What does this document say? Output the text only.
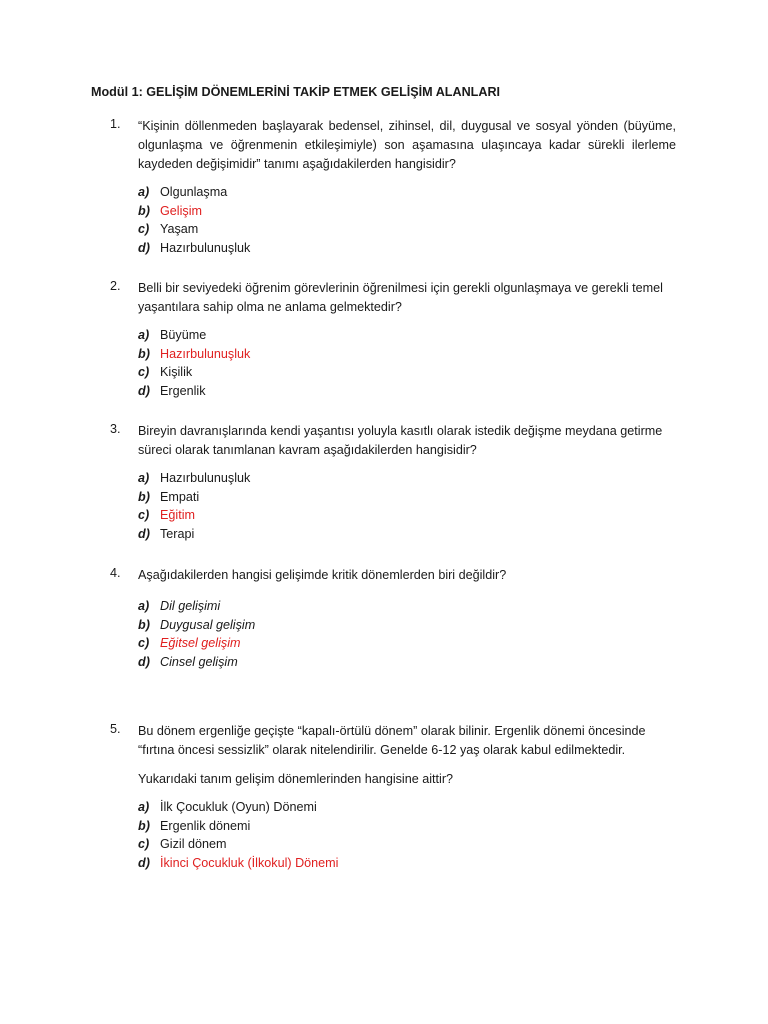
Modül 1: GELİŞİM DÖNEMLERİNİ TAKİP ETMEK GELİŞİM ALANLARI
1. “Kişinin döllenmeden başlayarak bedensel, zihinsel, dil, duygusal ve sosyal yönden (büyüme, olgunlaşma ve öğrenmenin etkileşimiyle) son aşamasına ulaşıncaya kadar sürekli ilerleme kaydeden değişimidir” tanımı aşağıdakilerden hangisidir?
a) Olgunlaşma
b) Gelişim
c) Yaşam
d) Hazırbulunuşluk
2. Belli bir seviyedeki öğrenim görevlerinin öğrenilmesi için gerekli olgunlaşmaya ve gerekli temel yaşantılara sahip olma ne anlama gelmektedir?
a) Büyüme
b) Hazırbulunuşluk
c) Kişilik
d) Ergenlik
3. Bireyin davranışlarında kendi yaşantısı yoluyla kasıtlı olarak istedik değişme meydana getirme süreci olarak tanımlanan kavram aşağıdakilerden hangisidir?
a) Hazırbulunuşluk
b) Empati
c) Eğitim
d) Terapi
4. Aşağıdakilerden hangisi gelişimde kritik dönemlerden biri değildir?
a) Dil gelişimi
b) Duygusal gelişim
c) Eğitsel gelişim
d) Cinsel gelişim
5. Bu dönem ergenliğe geçişte “kapalı-örtülü dönem” olarak bilinir. Ergenlik dönemi öncesinde “fırtına öncesi sessizlik” olarak nitelendirilir. Genelde 6-12 yaş olarak kabul edilmektedir.
Yukarıdaki tanım gelişim dönemlerinden hangisine aittir?
a) İlk Çocukluk (Oyun) Dönemi
b) Ergenlik dönemi
c) Gizil dönem
d) İkinci Çocukluk (İlkokul) Dönemi
